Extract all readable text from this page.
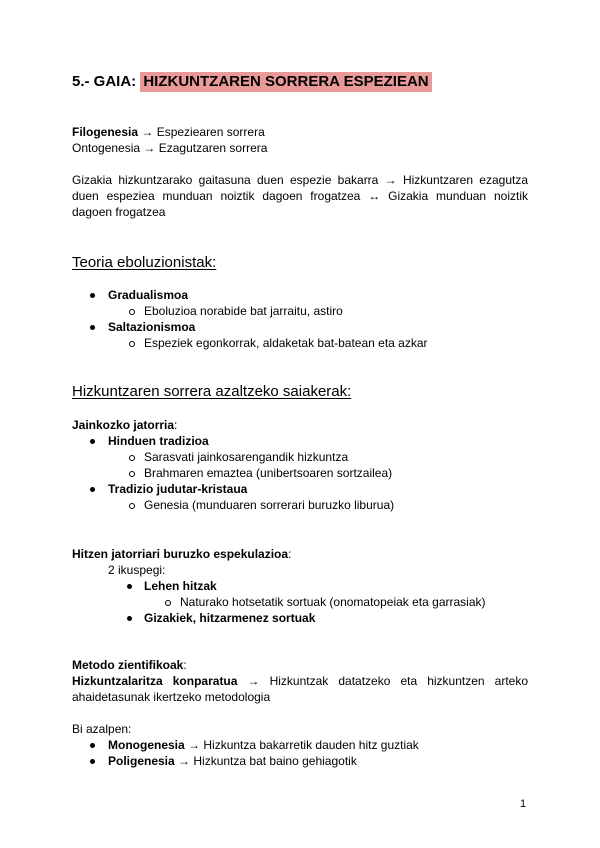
5.- GAIA: HIZKUNTZAREN SORRERA ESPEZIEAN
Filogenesia → Espeziearen sorrera
Ontogenesia → Ezagutzaren sorrera
Gizakia hizkuntzarako gaitasuna duen espezie bakarra → Hizkuntzaren ezagutza duen espeziea munduan noiztik dagoen frogatzea ↔ Gizakia munduan noiztik dagoen frogatzea
Teoria eboluzionistak:
Gradualismoa
Eboluzioa norabide bat jarraitu, astiro
Saltazionismoa
Espeziek egonkorrak, aldaketak bat-batean eta azkar
Hizkuntzaren sorrera azaltzeko saiakerak:
Jainkozko jatorria:
Hinduen tradizioa
Sarasvati jainkosarengandik hizkuntza
Brahmaren emaztea (unibertsoaren sortzailea)
Tradizio judutar-kristaua
Genesia (munduaren sorrerari buruzko liburua)
Hitzen jatorriari buruzko espekulazioa:
2 ikuspegi:
Lehen hitzak
Naturako hotsetatik sortuak (onomatopeiak eta garrasiak)
Gizakiek, hitzarmenez sortuak
Metodo zientifikoak:
Hizkuntzalaritza konparatua → Hizkuntzak datatzeko eta hizkuntzen arteko ahaidetasunak ikertzeko metodologia
Bi azalpen:
Monogenesia → Hizkuntza bakarretik dauden hitz guztiak
Poligenesia → Hizkuntza bat baino gehiagotik
1
